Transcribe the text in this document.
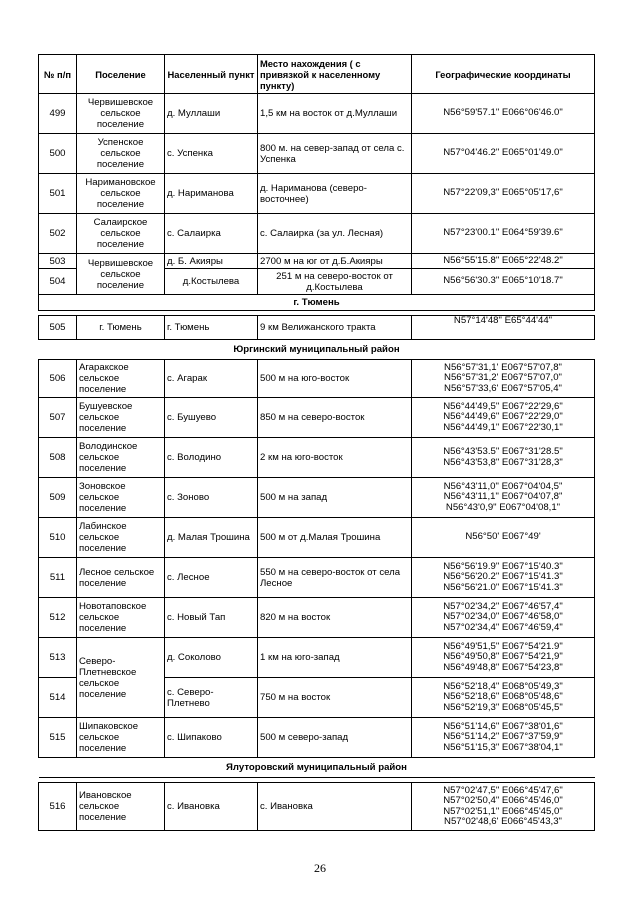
№ п/п	Поселение	Населенный пункт	Место нахождения ( с привязкой к населенному пункту)	Географические координаты
499	Червишевское сельское поселение	д. Муллаши	1,5 км на восток от д.Муллаши	N56°59'57.1" E066°06'46.0"

500	Успенское сельское поселение	с. Успенка	800 м. на север-запад от села с. Успенка	N57°04'46.2" E065°01'49.0"

501	Наримановское сельское поселение	д. Нариманова	д. Нариманова (северо-восточнее)	N57°22'09,3" E065°05'17,6"

502	Салаирское сельское поселение	с. Салаирка	с. Салаирка (за ул. Лесная)	N57°23'00.1" E064°59'39.6"

503	Червишевское сельское поселение	д. Б. Акияры	2700 м на юг от д.Б.Акияры	N56°55'15.8" E065°22'48.2"

504		д.Костылева	251 м на северо-восток от д.Костылева	N56°56'30.3" E065°10'18.7"

г. Тюмень				

505	г. Тюмень	г. Тюмень	9 км Велижанского тракта	N57°14'48" E65°44'44"

Юргинский муниципальный район				
506	Агаракское сельское поселение	с. Агарак	500 м на юго-восток	N56°57'31,1' E067°57'07,8"
N56°57'31,2' E067°57'07,0"
N56°57'33,6' E067°57'05,4"

507	Бушуевское сельское поселение	с. Бушуево	850 м на северо-восток	N56°44'49,5" E067°22'29,6"
N56°44'49,6" E067°22'29,0"
N56°44'49,1" E067°22'30,1"

508	Володинское сельское поселение	с. Володино	2 км на юго-восток	N56°43'53.5" E067°31'28.5"
N56°43'53,8" E067°31'28,3"

509	Зоновское сельское поселение	с. Зоново	500 м на запад	N56°43'11,0" E067°04'04,5"
N56°43'11,1" E067°04'07,8"
N56°43'0,9" E067°04'08,1"

510	Лабинское сельское поселение	д. Малая Трошина	500 м от д.Малая Трошина	N56°50' E067°49'

511	Лесное сельское поселение	с. Лесное	550 м на северо-восток от села Лесное	N56°56'19.9" E067°15'40.3"
N56°56'20.2" E067°15'41.3"
N56°56'21.0" E067°15'41.3"

512	Новотаповское сельское поселение	с. Новый Тап	820 м на восток	N57°02'34,2" E067°46'57,4"
N57°02'34,0" E067°46'58,0"
N57°02'34,4" E067°46'59,4"

513	Северо-Плетневское сельское поселение	д. Соколово	1 км на юго-запад	N56°49'51,5" E067°54'21.9"
N56°49'50,8" E067°54'21,9"
N56°49'48,8" E067°54'23,8"

514		с. Северо-Плетнево	750 м на восток	N56°52'18,4" E068°05'49,3"
N56°52'18,6" E068°05'48,6"
N56°52'19,3" E068°05'45,5"

515	Шипаковское сельское поселение	с. Шипаково	500 м северо-запад	N56°51'14,6" E067°38'01,6"
N56°51'14,2" E067°37'59,9"
N56°51'15,3" E067°38'04,1"

Ялуторовский муниципальный район				

516	Ивановское сельское поселение	с. Ивановка	с. Ивановка	N57°02'47,5" E066°45'47,6"
N57°02'50,4" E066°45'46,0"
N57°02'51,1" E066°45'45,0"
N57°02'48,6' E066°45'43,3"
26
